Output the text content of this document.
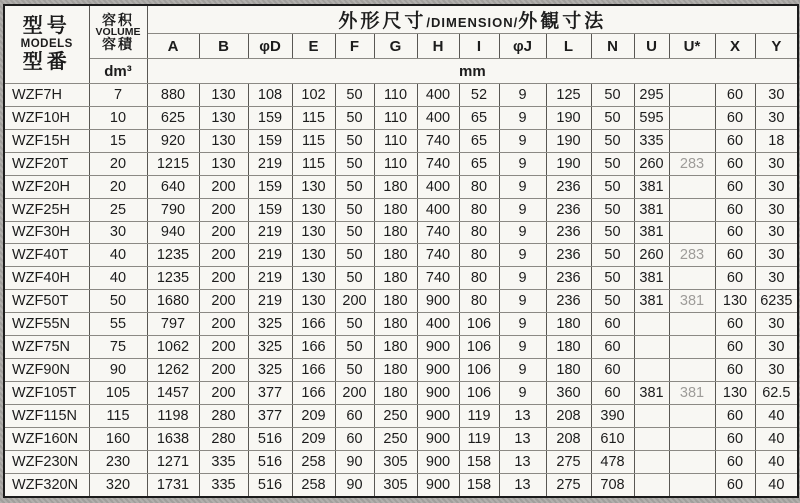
型号
MODELS
型番

容积
VOLUME
容積
	外形尺寸/DIMENSION/外観寸法
		A	B	φD	E	F	G	H	I	φJ	L	N	U	U*	X	Y
	dm³	mm														
WZF7H	7	880	130	108	102	50	110	400	52	9	125	50	295		60	30
WZF10H	10	625	130	159	115	50	110	400	65	9	190	50	595		60	30
WZF15H	15	920	130	159	115	50	110	740	65	9	190	50	335		60	18
WZF20T	20	1215	130	219	115	50	110	740	65	9	190	50	260	283	60	30
WZF20H	20	640	200	159	130	50	180	400	80	9	236	50	381		60	30
WZF25H	25	790	200	159	130	50	180	400	80	9	236	50	381		60	30
WZF30H	30	940	200	219	130	50	180	740	80	9	236	50	381		60	30
WZF40T	40	1235	200	219	130	50	180	740	80	9	236	50	260	283	60	30
WZF40H	40	1235	200	219	130	50	180	740	80	9	236	50	381		60	30
WZF50T	50	1680	200	219	130	200	180	900	80	9	236	50	381	381	130	6235
WZF55N	55	797	200	325	166	50	180	400	106	9	180	60			60	30
WZF75N	75	1062	200	325	166	50	180	900	106	9	180	60			60	30
WZF90N	90	1262	200	325	166	50	180	900	106	9	180	60			60	30
WZF105T	105	1457	200	377	166	200	180	900	106	9	360	60	381	381	130	62.5
WZF115N	115	1198	280	377	209	60	250	900	119	13	208	390			60	40
WZF160N	160	1638	280	516	209	60	250	900	119	13	208	610			60	40
WZF230N	230	1271	335	516	258	90	305	900	158	13	275	478			60	40
WZF320N	320	1731	335	516	258	90	305	900	158	13	275	708			60	40
